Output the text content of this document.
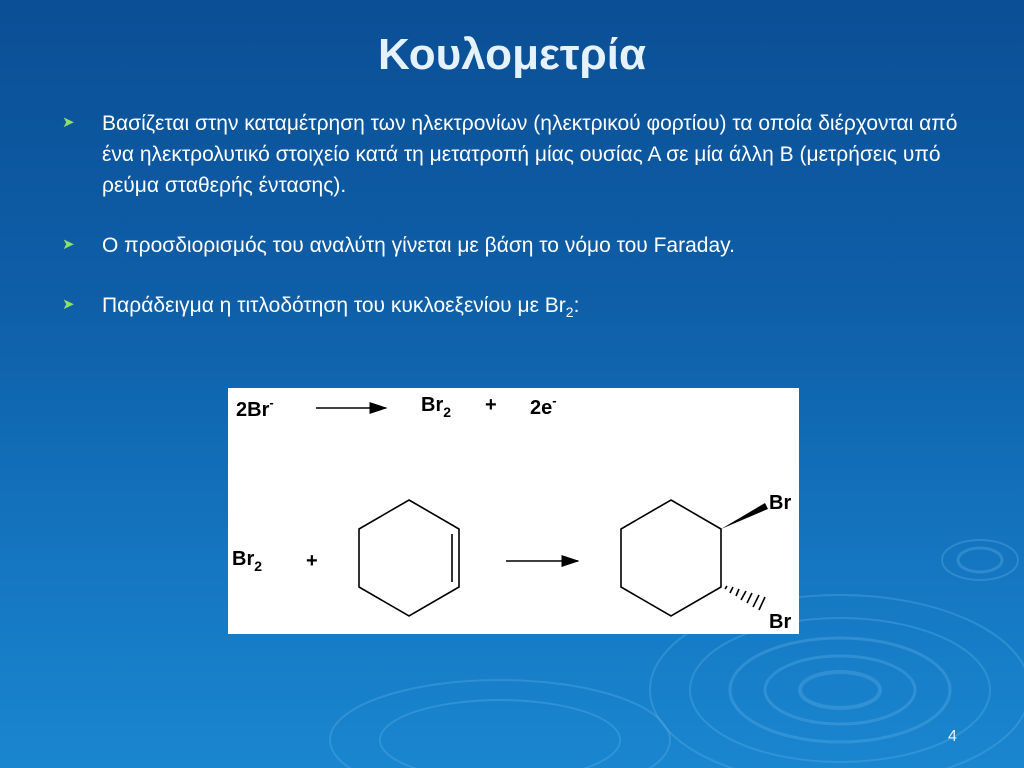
Κουλομετρία
➤ Βασίζεται στην καταμέτρηση των ηλεκτρονίων (ηλεκτρικού φορτίου) τα οποία διέρχονται από ένα ηλεκτρολυτικό στοιχείο κατά τη μετατροπή μίας ουσίας Α σε μία άλλη Β (μετρήσεις υπό ρεύμα σταθερής έντασης).
➤ Ο προσδιορισμός του αναλύτη γίνεται με βάση το νόμο του Faraday.
➤ Παράδειγμα η τιτλοδότηση του κυκλοεξενίου με $Br_2$:
2Br-	$Br_2 + 2e^-$
$Br_2$ +
Br
Br
4
